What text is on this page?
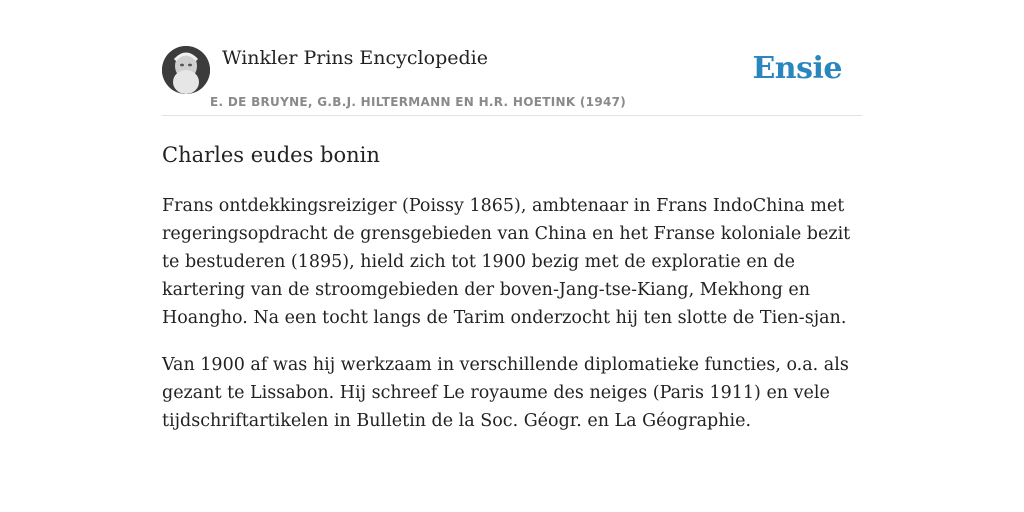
Winkler Prins Encyclopedie
E. DE BRUYNE, G.B.J. HILTERMANN EN H.R. HOETINK (1947)
Ensie
Charles eudes bonin

Frans ontdekkingsreiziger (Poissy 1865), ambtenaar in Frans IndoChina met regeringsopdracht de grensgebieden van China en het Franse koloniale bezit te bestuderen (1895), hield zich tot 1900 bezig met de exploratie en de kartering van de stroomgebieden der boven-Jang-tse-Kiang, Mekhong en Hoangho. Na een tocht langs de Tarim onderzocht hij ten slotte de Tien-sjan.

Van 1900 af was hij werkzaam in verschillende diplomatieke functies, o.a. als gezant te Lissabon. Hij schreef Le royaume des neiges (Paris 1911) en vele tijdschriftartikelen in Bulletin de la Soc. Géogr. en La Géographie.
